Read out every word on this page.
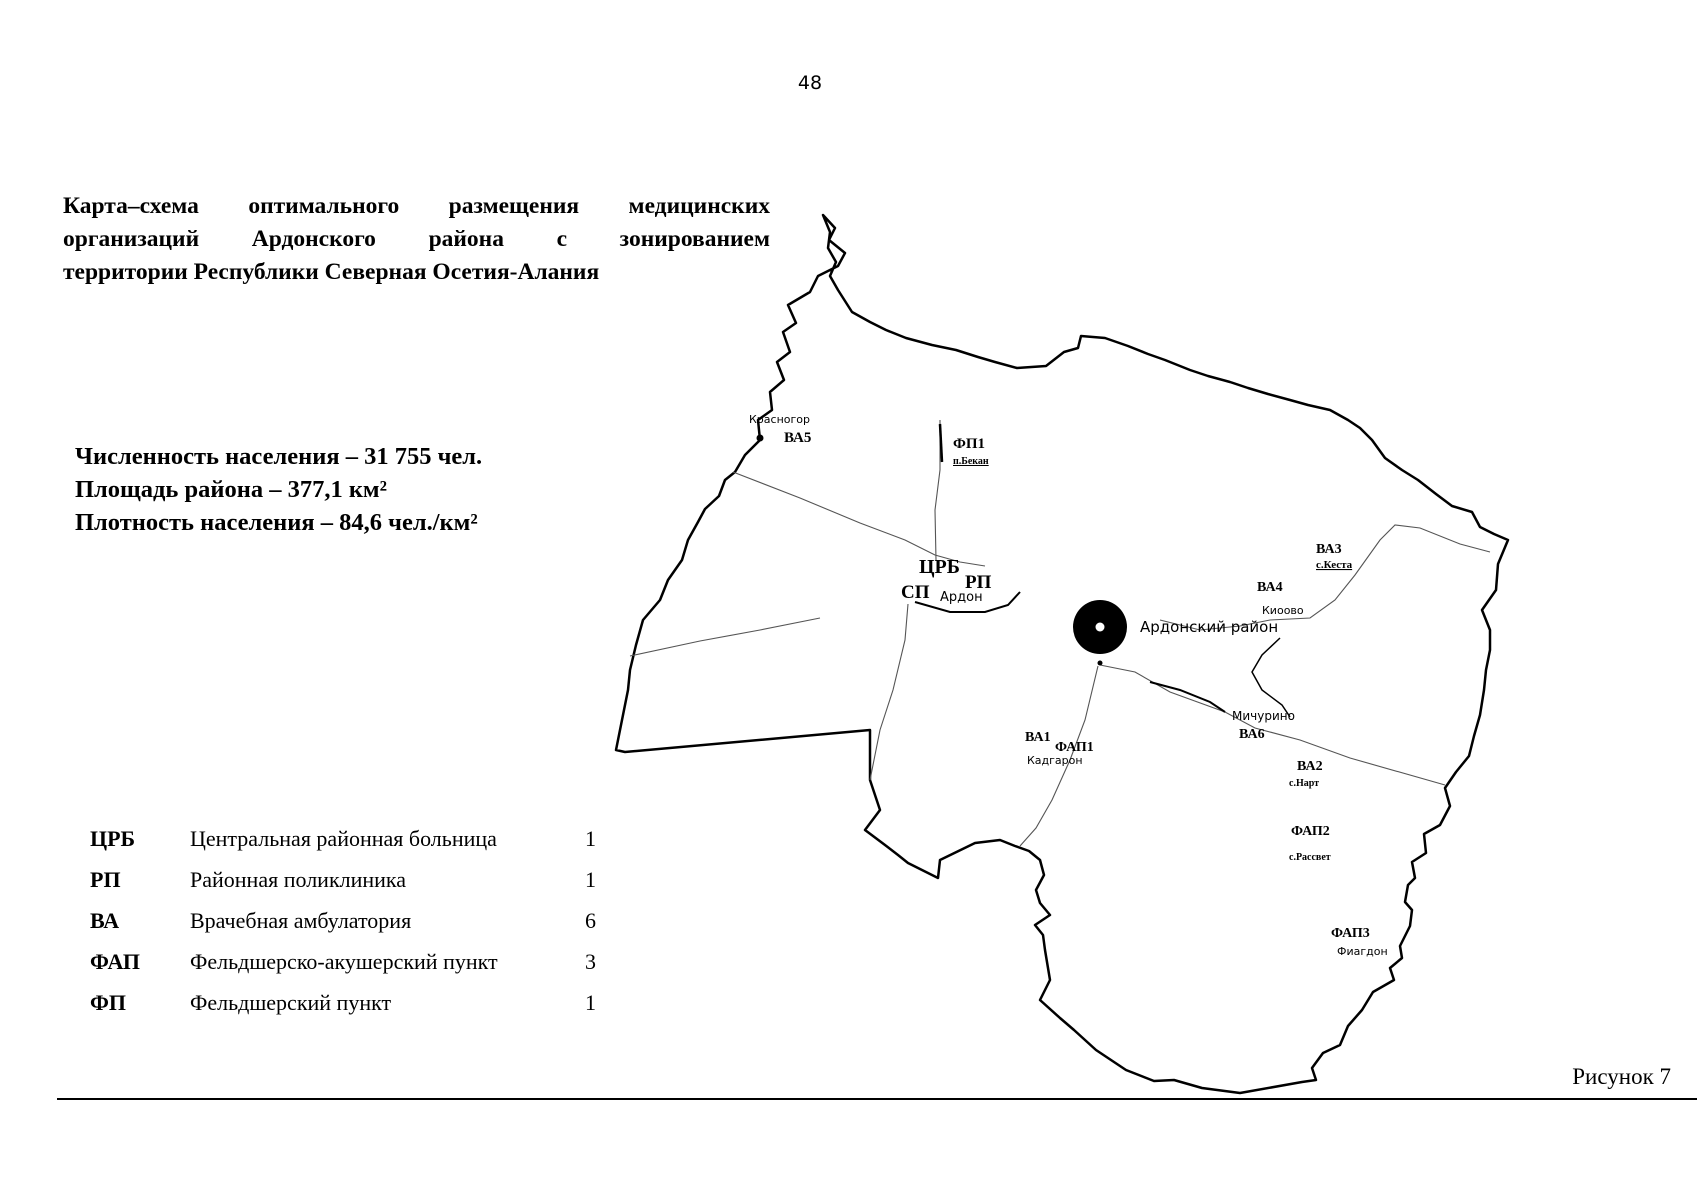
48
Карта–схема оптимального размещения медицинских
организаций Ардонского района с зонированием
территории Республики Северная Осетия-Алания
Численность населения – 31 755 чел.
Площадь района – 377,1 км²
Плотность населения – 84,6 чел./км²
ЦРБ	Центральная районная больница	1
РП	Районная поликлиника	1
ВА	Врачебная амбулатория	6
ФАП	Фельдшерско-акушерский пункт	3
ФП	Фельдшерский пункт	1
Ардонский район
Красногор
ВА5	ФП1
п.Бекан
ЦРБ
РП
СП Ардон
ВА3
с.Кеста
ВА4
Киоово
Мичурино
ВА6
ВА1
ФАП1
Кадгарон	ВА2
с.Нарт
ФАП2
с.Рассвет
ФАП3
Фиагдон
Рисунок 7
